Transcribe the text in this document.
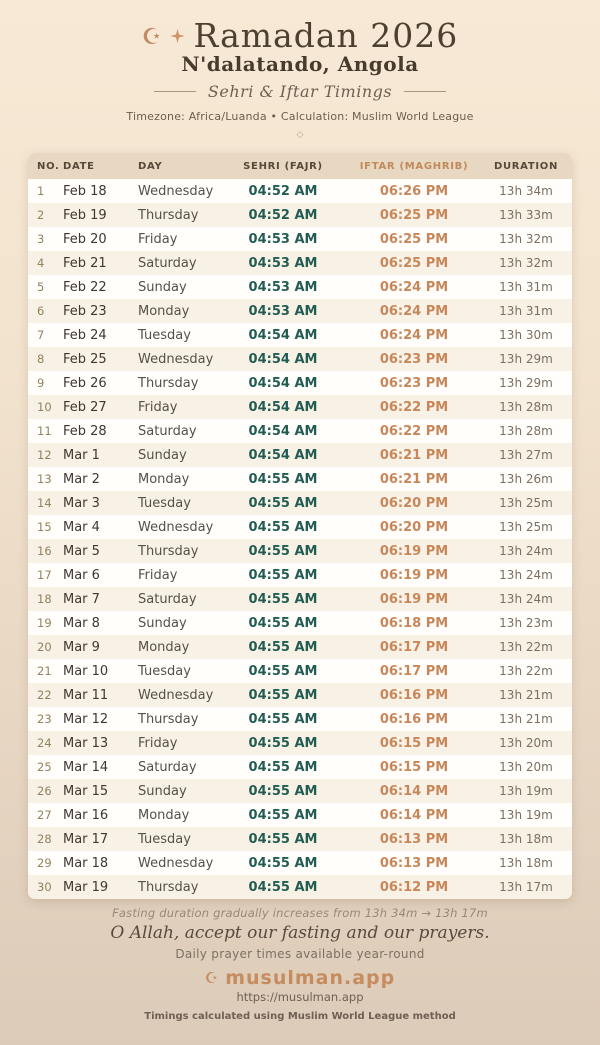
☪ Ramadan 2026
N'dalatando, Angola
Sehri & Iftar Timings
Timezone: Africa/Luanda • Calculation: Muslim World League
◇
NO. DATE	DAY	SEHRI (FAJR)	IFTAR (MAGHRIB)	DURATION
1	Feb 18	Wednesday	04:52 AM	06:26 PM	13h 34m
2	Feb 19	Thursday	04:52 AM	06:25 PM	13h 33m
3	Feb 20	Friday	04:53 AM	06:25 PM	13h 32m
4	Feb 21	Saturday	04:53 AM	06:25 PM	13h 32m
5	Feb 22	Sunday	04:53 AM	06:24 PM	13h 31m
6	Feb 23	Monday	04:53 AM	06:24 PM	13h 31m
7	Feb 24	Tuesday	04:54 AM	06:24 PM	13h 30m
8	Feb 25	Wednesday	04:54 AM	06:23 PM	13h 29m
9	Feb 26	Thursday	04:54 AM	06:23 PM	13h 29m
10 Feb 27	Friday	04:54 AM	06:22 PM	13h 28m
11 Feb 28	Saturday	04:54 AM	06:22 PM	13h 28m
12 Mar 1	Sunday	04:54 AM	06:21 PM	13h 27m
13 Mar 2	Monday	04:55 AM	06:21 PM	13h 26m
14 Mar 3	Tuesday	04:55 AM	06:20 PM	13h 25m
15 Mar 4	Wednesday	04:55 AM	06:20 PM	13h 25m
16 Mar 5	Thursday	04:55 AM	06:19 PM	13h 24m
17 Mar 6	Friday	04:55 AM	06:19 PM	13h 24m
18 Mar 7	Saturday	04:55 AM	06:19 PM	13h 24m
19 Mar 8	Sunday	04:55 AM	06:18 PM	13h 23m
20 Mar 9	Monday	04:55 AM	06:17 PM	13h 22m
21 Mar 10	Tuesday	04:55 AM	06:17 PM	13h 22m
22 Mar 11	Wednesday	04:55 AM	06:16 PM	13h 21m
23 Mar 12	Thursday	04:55 AM	06:16 PM	13h 21m
24 Mar 13	Friday	04:55 AM	06:15 PM	13h 20m
25 Mar 14	Saturday	04:55 AM	06:15 PM	13h 20m
26 Mar 15	Sunday	04:55 AM	06:14 PM	13h 19m
27 Mar 16	Monday	04:55 AM	06:14 PM	13h 19m
28 Mar 17	Tuesday	04:55 AM	06:13 PM	13h 18m
29 Mar 18	Wednesday	04:55 AM	06:13 PM	13h 18m
30 Mar 19	Thursday	04:55 AM	06:12 PM	13h 17m
Fasting duration gradually increases from 13h 34m → 13h 17m
O Allah, accept our fasting and our prayers.
Daily prayer times available year-round
☪ musulman.app
https://musulman.app
Timings calculated using Muslim World League method
